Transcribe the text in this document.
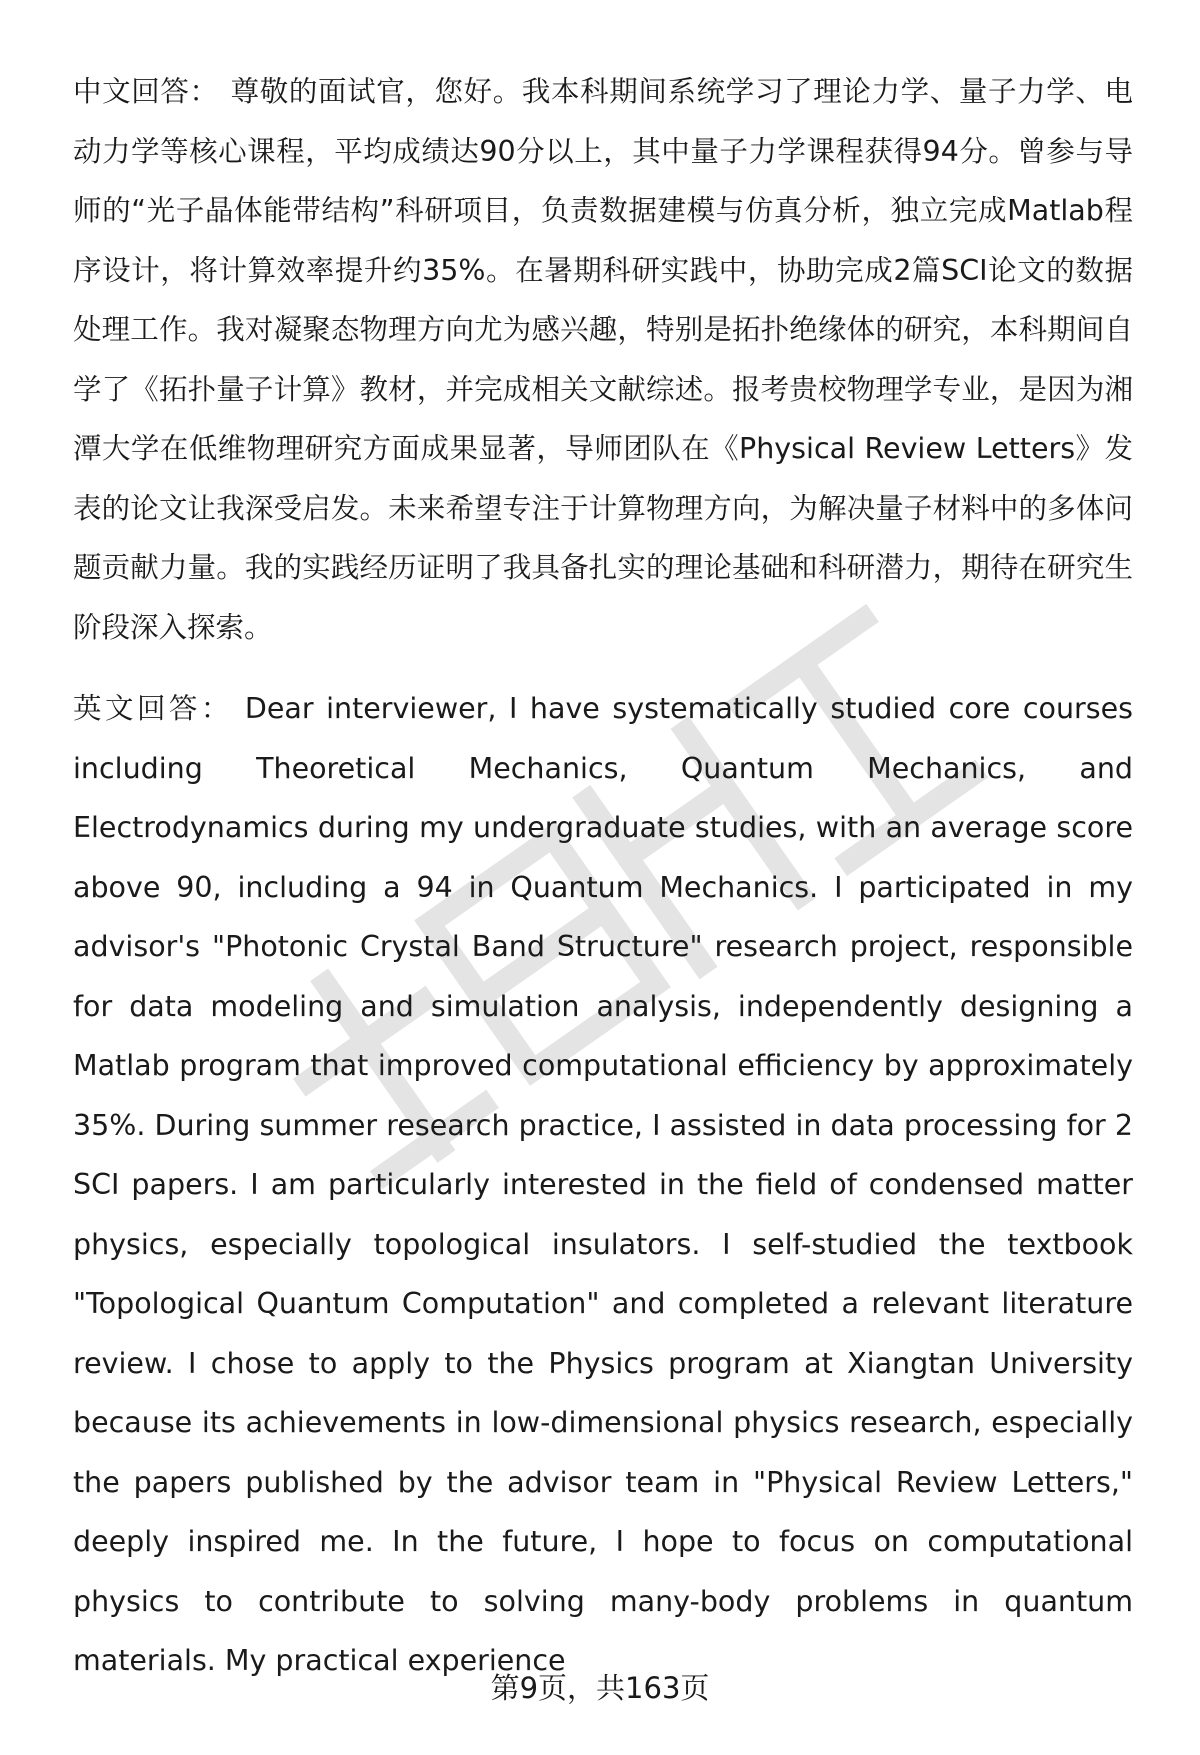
中文回答： 尊敬的面试官，您好。我本科期间系统学习了理论力学、量子力学、电动力学等核心课程，平均成绩达90分以上，其中量子力学课程获得94分。曾参与导师的“光子晶体能带结构”科研项目，负责数据建模与仿真分析，独立完成Matlab程序设计，将计算效率提升约35%。在暑期科研实践中，协助完成2篇SCI论文的数据处理工作。我对凝聚态物理方向尤为感兴趣，特别是拓扑绝缘体的研究，本科期间自学了《拓扑量子计算》教材，并完成相关文献综述。报考贵校物理学专业，是因为湘潭大学在低维物理研究方面成果显著，导师团队在《Physical Review Letters》发表的论文让我深受启发。未来希望专注于计算物理方向，为解决量子材料中的多体问题贡献力量。我的实践经历证明了我具备扎实的理论基础和科研潜力，期待在研究生阶段深入探索。

英文回答： Dear interviewer, I have systematically studied core courses including Theoretical Mechanics, Quantum Mechanics, and Electrodynamics during my undergraduate studies, with an average score above 90, including a 94 in Quantum Mechanics. I participated in my advisor's "Photonic Crystal Band Structure" research project, responsible for data modeling and simulation analysis, independently designing a Matlab program that improved computational efficiency by approximately 35%. During summer research practice, I assisted in data processing for 2 SCI papers. I am particularly interested in the field of condensed matter physics, especially topological insulators. I self-studied the textbook "Topological Quantum Computation" and completed a relevant literature review. I chose to apply to the Physics program at Xiangtan University because its achievements in low-dimensional physics research, especially the papers published by the advisor team in "Physical Review Letters," deeply inspired me. In the future, I hope to focus on computational physics to contribute to solving many-body problems in quantum materials. My practical experience

第9页，共163页
